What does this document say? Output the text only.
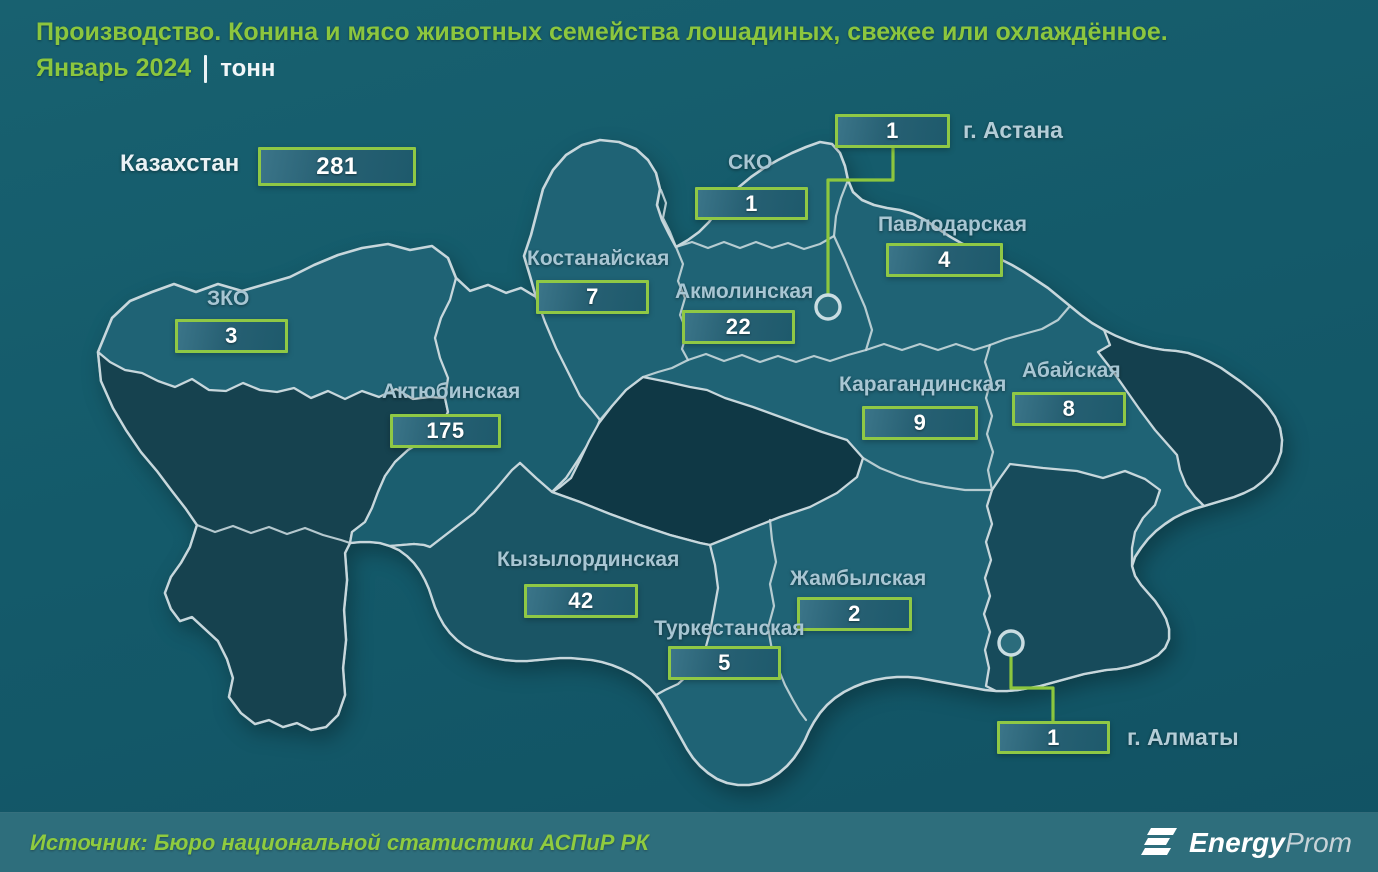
Производство. Конина и мясо животных семейства лошадиных, свежее или охлаждённое.
Январь 2024 тонн
Казахстан	281
1	г. Астана
СКО
1
Павлодарская
4
Костанайская
7	Акмолинская
22
ЗКО
3
Абайская
8
Карагандинская
9
Актюбинская
175
Кызылординская
42
Жамбылская
2
Туркестанская
5
1	г. Алматы
Источник: Бюро национальной статистики АСПиР РК	Energy Prom
